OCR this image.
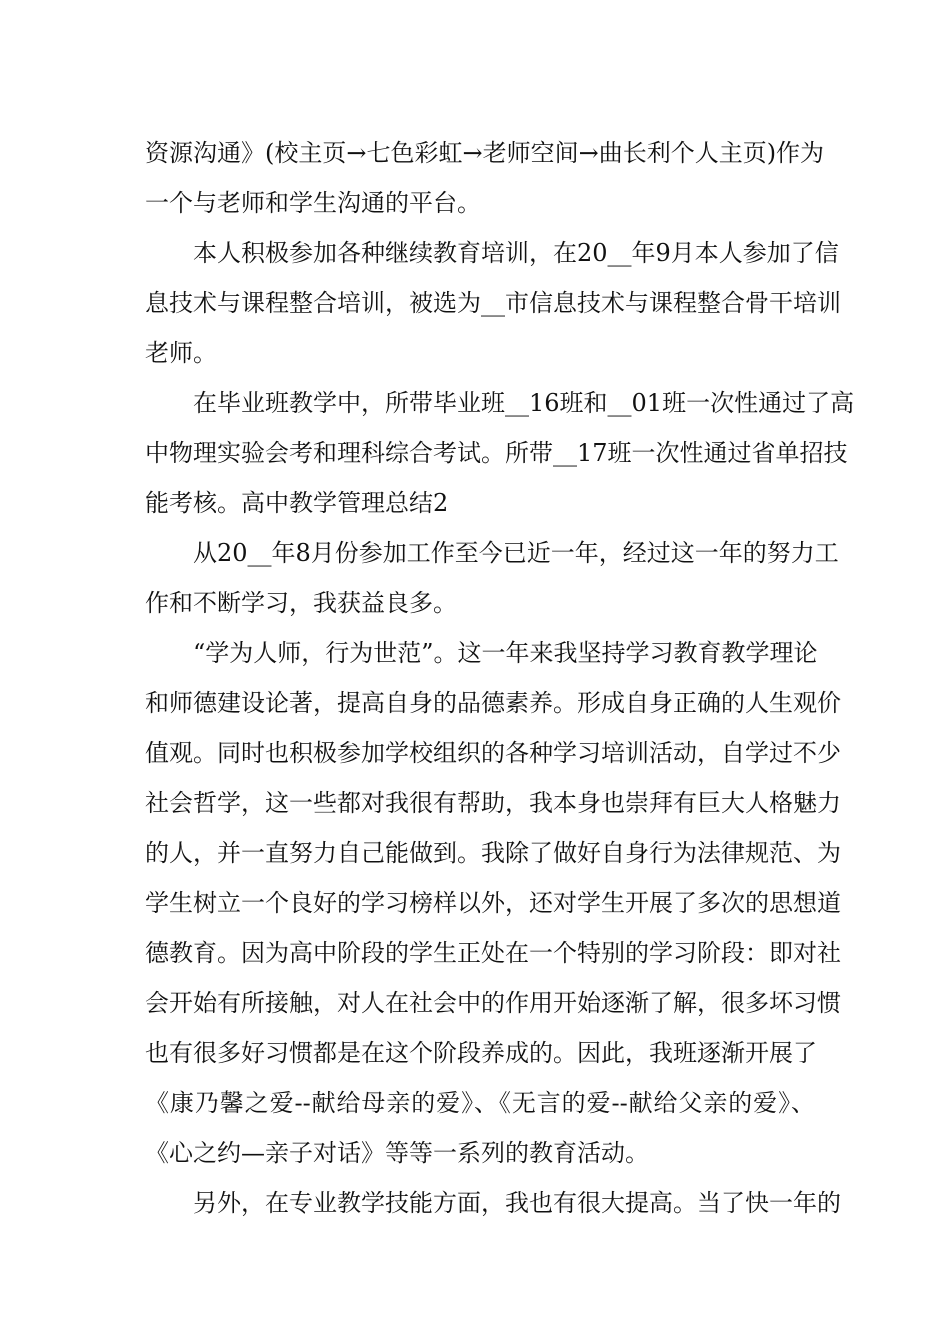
资源沟通》(校主页→七色彩虹→老师空间→曲长利个人主页)作为
一个与老师和学生沟通的平台。
本人积极参加各种继续教育培训，在20__年9月本人参加了信
息技术与课程整合培训，被选为__市信息技术与课程整合骨干培训
老师。
在毕业班教学中，所带毕业班__16班和__01班一次性通过了高
中物理实验会考和理科综合考试。所带__17班一次性通过省单招技
能考核。高中教学管理总结2
从20__年8月份参加工作至今已近一年，经过这一年的努力工
作和不断学习，我获益良多。
“学为人师，行为世范”。这一年来我坚持学习教育教学理论
和师德建设论著，提高自身的品德素养。形成自身正确的人生观价
值观。同时也积极参加学校组织的各种学习培训活动，自学过不少
社会哲学，这一些都对我很有帮助，我本身也崇拜有巨大人格魅力
的人，并一直努力自己能做到。我除了做好自身行为法律规范、为
学生树立一个良好的学习榜样以外，还对学生开展了多次的思想道
德教育。因为高中阶段的学生正处在一个特别的学习阶段：即对社
会开始有所接触，对人在社会中的作用开始逐渐了解，很多坏习惯
也有很多好习惯都是在这个阶段养成的。因此，我班逐渐开展了
《康乃馨之爱--献给母亲的爱》、《无言的爱--献给父亲的爱》、
《心之约—亲子对话》等等一系列的教育活动。
另外，在专业教学技能方面，我也有很大提高。当了快一年的
